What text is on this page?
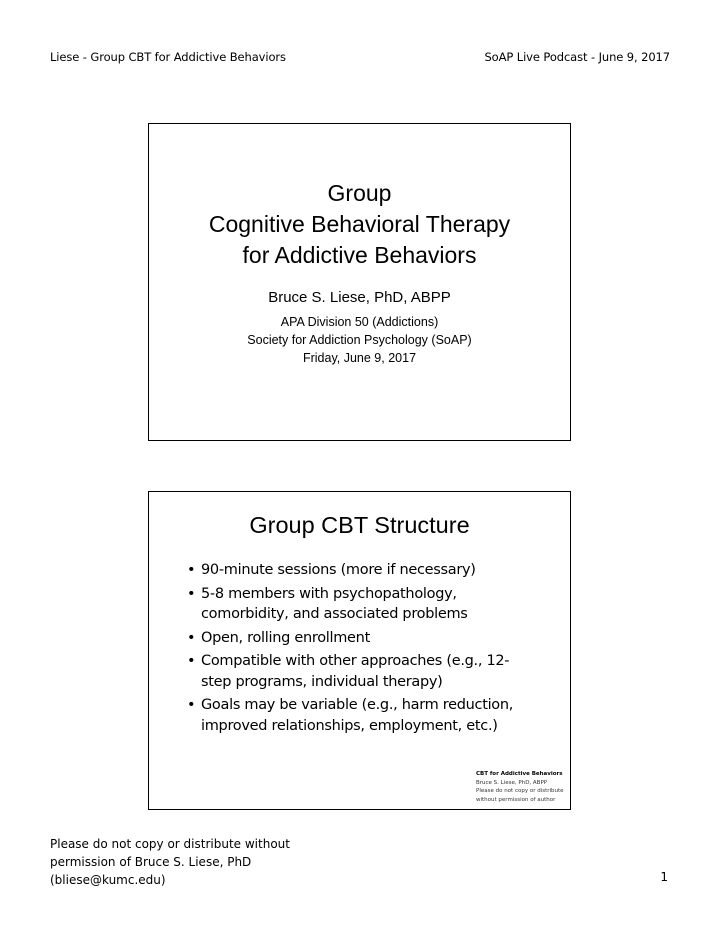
Liese - Group CBT for Addictive Behaviors	SoAP Live Podcast - June 9, 2017
Group
Cognitive Behavioral Therapy
for Addictive Behaviors
Bruce S. Liese, PhD, ABPP
APA Division 50 (Addictions)
Society for Addiction Psychology (SoAP)
Friday, June 9, 2017
Group CBT Structure
• 90-minute sessions (more if necessary)
• 5-8 members with psychopathology, comorbidity, and associated problems
• Open, rolling enrollment
• Compatible with other approaches (e.g., 12-step programs, individual therapy)
• Goals may be variable (e.g., harm reduction, improved relationships, employment, etc.)
CBT for Addictive Behaviors
Bruce S. Liese, PhD, ABPP
Please do not copy or distribute
without permission of author
Please do not copy or distribute without
permission of Bruce S. Liese, PhD
(bliese@kumc.edu)	1
